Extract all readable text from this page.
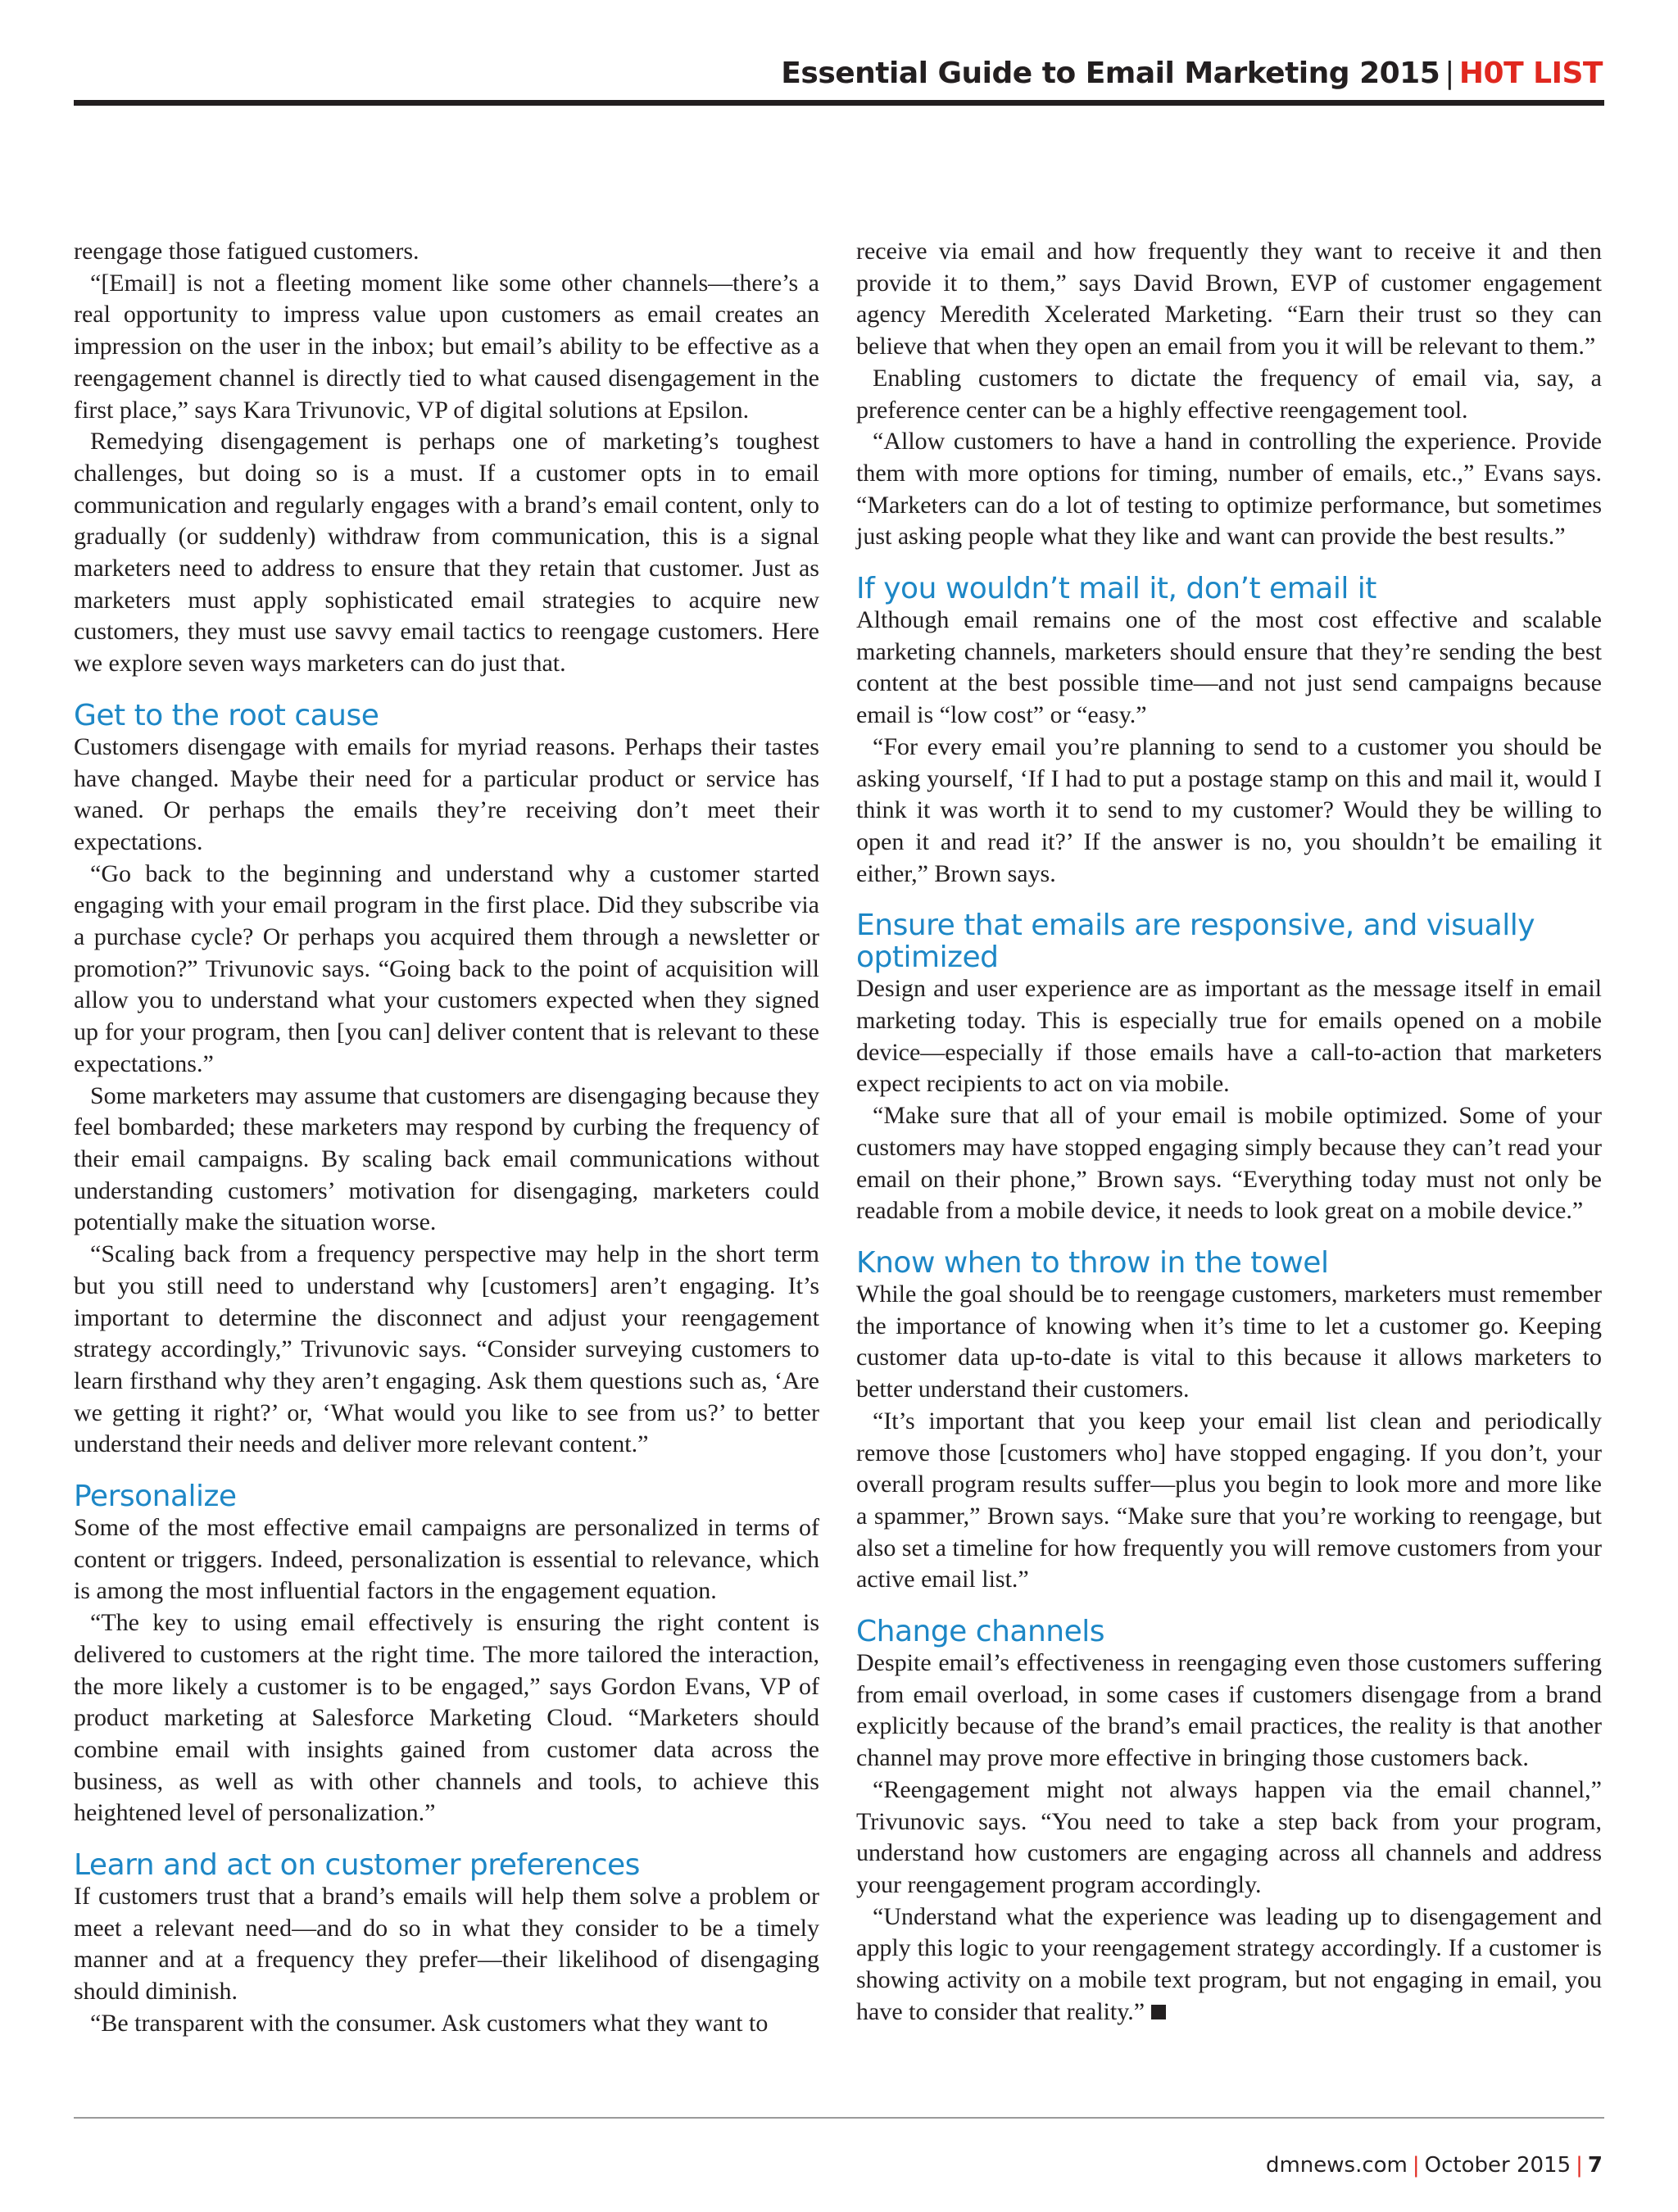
Essential Guide to Email Marketing 2015 | H0T LIST

reengage those fatigued customers.

“[Email] is not a fleeting moment like some other channels—there’s a real opportunity to impress value upon customers as email creates an impression on the user in the inbox; but email’s ability to be effective as a reengagement channel is directly tied to what caused disengagement in the first place,” says Kara Trivunovic, VP of digital solutions at Epsilon.

Remedying disengagement is perhaps one of marketing’s toughest challenges, but doing so is a must. If a customer opts in to email communication and regularly engages with a brand’s email content, only to gradually (or suddenly) withdraw from communication, this is a signal marketers need to address to ensure that they retain that customer. Just as marketers must apply sophisticated email strategies to acquire new customers, they must use savvy email tactics to reengage customers. Here we explore seven ways marketers can do just that.

Get to the root cause

Customers disengage with emails for myriad reasons. Perhaps their tastes have changed. Maybe their need for a particular product or service has waned. Or perhaps the emails they’re receiving don’t meet their expectations.

“Go back to the beginning and understand why a customer started engaging with your email program in the first place. Did they subscribe via a purchase cycle? Or perhaps you acquired them through a newsletter or promotion?” Trivunovic says. “Going back to the point of acquisition will allow you to understand what your customers expected when they signed up for your program, then [you can] deliver content that is relevant to these expectations.”

Some marketers may assume that customers are disengaging because they feel bombarded; these marketers may respond by curbing the frequency of their email campaigns. By scaling back email communications without understanding customers’ motivation for disengaging, marketers could potentially make the situation worse.

“Scaling back from a frequency perspective may help in the short term but you still need to understand why [customers] aren’t engaging. It’s important to determine the disconnect and adjust your reengagement strategy accordingly,” Trivunovic says. “Consider surveying customers to learn firsthand why they aren’t engaging. Ask them questions such as, ‘Are we getting it right?’ or, ‘What would you like to see from us?’ to better understand their needs and deliver more relevant content.”

Personalize

Some of the most effective email campaigns are personalized in terms of content or triggers. Indeed, personalization is essential to relevance, which is among the most influential factors in the engagement equation.

“The key to using email effectively is ensuring the right content is delivered to customers at the right time. The more tailored the interaction, the more likely a customer is to be engaged,” says Gordon Evans, VP of product marketing at Salesforce Marketing Cloud. “Marketers should combine email with insights gained from customer data across the business, as well as with other channels and tools, to achieve this heightened level of personalization.”

Learn and act on customer preferences

If customers trust that a brand’s emails will help them solve a problem or meet a relevant need—and do so in what they consider to be a timely manner and at a frequency they prefer—their likelihood of disengaging should diminish.

“Be transparent with the consumer. Ask customers what they want to

receive via email and how frequently they want to receive it and then provide it to them,” says David Brown, EVP of customer engagement agency Meredith Xcelerated Marketing. “Earn their trust so they can believe that when they open an email from you it will be relevant to them.”

Enabling customers to dictate the frequency of email via, say, a preference center can be a highly effective reengagement tool.

“Allow customers to have a hand in controlling the experience. Provide them with more options for timing, number of emails, etc.,” Evans says. “Marketers can do a lot of testing to optimize performance, but sometimes just asking people what they like and want can provide the best results.”

If you wouldn’t mail it, don’t email it

Although email remains one of the most cost effective and scalable marketing channels, marketers should ensure that they’re sending the best content at the best possible time—and not just send campaigns because email is “low cost” or “easy.”

“For every email you’re planning to send to a customer you should be asking yourself, ‘If I had to put a postage stamp on this and mail it, would I think it was worth it to send to my customer? Would they be willing to open it and read it?’ If the answer is no, you shouldn’t be emailing it either,” Brown says.

Ensure that emails are responsive, and visually optimized

Design and user experience are as important as the message itself in email marketing today. This is especially true for emails opened on a mobile device—especially if those emails have a call-to-action that marketers expect recipients to act on via mobile.

“Make sure that all of your email is mobile optimized. Some of your customers may have stopped engaging simply because they can’t read your email on their phone,” Brown says. “Everything today must not only be readable from a mobile device, it needs to look great on a mobile device.”

Know when to throw in the towel

While the goal should be to reengage customers, marketers must remember the importance of knowing when it’s time to let a customer go. Keeping customer data up-to-date is vital to this because it allows marketers to better understand their customers.

“It’s important that you keep your email list clean and periodically remove those [customers who] have stopped engaging. If you don’t, your overall program results suffer—plus you begin to look more and more like a spammer,” Brown says. “Make sure that you’re working to reengage, but also set a timeline for how frequently you will remove customers from your active email list.”

Change channels

Despite email’s effectiveness in reengaging even those customers suffering from email overload, in some cases if customers disengage from a brand explicitly because of the brand’s email practices, the reality is that another channel may prove more effective in bringing those customers back.

“Reengagement might not always happen via the email channel,” Trivunovic says. “You need to take a step back from your program, understand how customers are engaging across all channels and address your reengagement program accordingly.

“Understand what the experience was leading up to disengagement and apply this logic to your reengagement strategy accordingly. If a customer is showing activity on a mobile text program, but not engaging in email, you have to consider that reality.”

dmnews.com | October 2015 | 7
